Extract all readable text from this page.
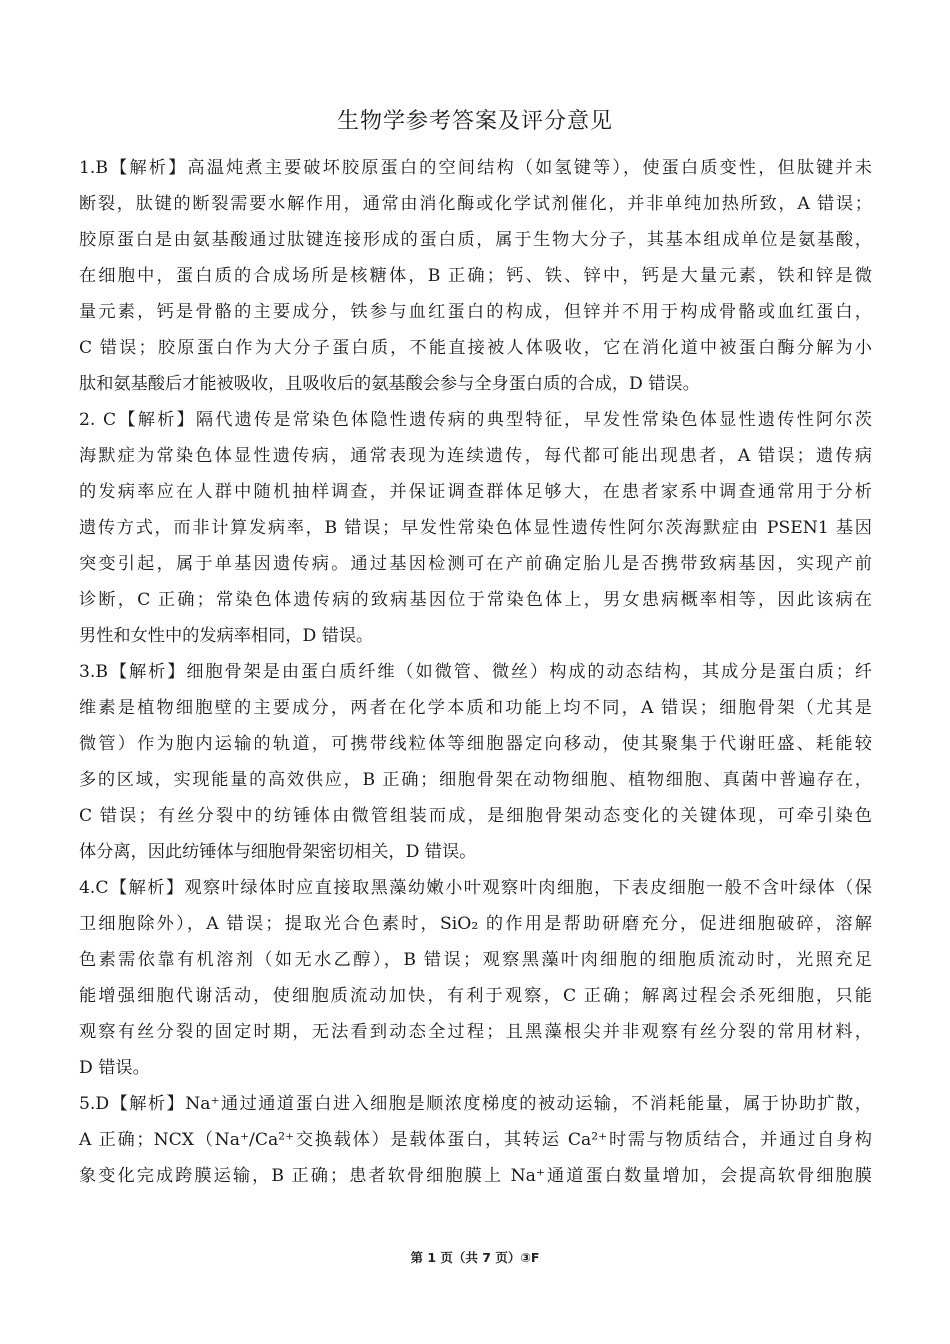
生物学参考答案及评分意见

1.B【解析】高温炖煮主要破坏胶原蛋白的空间结构（如氢键等），使蛋白质变性，但肽键并未
断裂，肽键的断裂需要水解作用，通常由消化酶或化学试剂催化，并非单纯加热所致，A 错误；
胶原蛋白是由氨基酸通过肽键连接形成的蛋白质，属于生物大分子，其基本组成单位是氨基酸，
在细胞中，蛋白质的合成场所是核糖体，B 正确；钙、铁、锌中，钙是大量元素，铁和锌是微
量元素，钙是骨骼的主要成分，铁参与血红蛋白的构成，但锌并不用于构成骨骼或血红蛋白，
C 错误；胶原蛋白作为大分子蛋白质，不能直接被人体吸收，它在消化道中被蛋白酶分解为小
肽和氨基酸后才能被吸收，且吸收后的氨基酸会参与全身蛋白质的合成，D 错误。

2. C【解析】隔代遗传是常染色体隐性遗传病的典型特征，早发性常染色体显性遗传性阿尔茨
海默症为常染色体显性遗传病，通常表现为连续遗传，每代都可能出现患者，A 错误；遗传病
的发病率应在人群中随机抽样调查，并保证调查群体足够大，在患者家系中调查通常用于分析
遗传方式，而非计算发病率，B 错误；早发性常染色体显性遗传性阿尔茨海默症由 PSEN1 基因
突变引起，属于单基因遗传病。通过基因检测可在产前确定胎儿是否携带致病基因，实现产前
诊断，C 正确；常染色体遗传病的致病基因位于常染色体上，男女患病概率相等，因此该病在
男性和女性中的发病率相同，D 错误。

3.B【解析】细胞骨架是由蛋白质纤维（如微管、微丝）构成的动态结构，其成分是蛋白质；纤
维素是植物细胞壁的主要成分，两者在化学本质和功能上均不同，A 错误；细胞骨架（尤其是
微管）作为胞内运输的轨道，可携带线粒体等细胞器定向移动，使其聚集于代谢旺盛、耗能较
多的区域，实现能量的高效供应，B 正确；细胞骨架在动物细胞、植物细胞、真菌中普遍存在，
C 错误；有丝分裂中的纺锤体由微管组装而成，是细胞骨架动态变化的关键体现，可牵引染色
体分离，因此纺锤体与细胞骨架密切相关，D 错误。

4.C【解析】观察叶绿体时应直接取黑藻幼嫩小叶观察叶肉细胞，下表皮细胞一般不含叶绿体（保
卫细胞除外），A 错误；提取光合色素时，SiO₂ 的作用是帮助研磨充分，促进细胞破碎，溶解
色素需依靠有机溶剂（如无水乙醇），B 错误；观察黑藻叶肉细胞的细胞质流动时，光照充足
能增强细胞代谢活动，使细胞质流动加快，有利于观察，C 正确；解离过程会杀死细胞，只能
观察有丝分裂的固定时期，无法看到动态全过程；且黑藻根尖并非观察有丝分裂的常用材料，
D 错误。

5.D【解析】Na⁺通过通道蛋白进入细胞是顺浓度梯度的被动运输，不消耗能量，属于协助扩散，
A 正确；NCX（Na⁺/Ca²⁺交换载体）是载体蛋白，其转运 Ca²⁺时需与物质结合，并通过自身构
象变化完成跨膜运输，B 正确；患者软骨细胞膜上 Na⁺通道蛋白数量增加，会提高软骨细胞膜

第 1 页（共 7 页）③F
